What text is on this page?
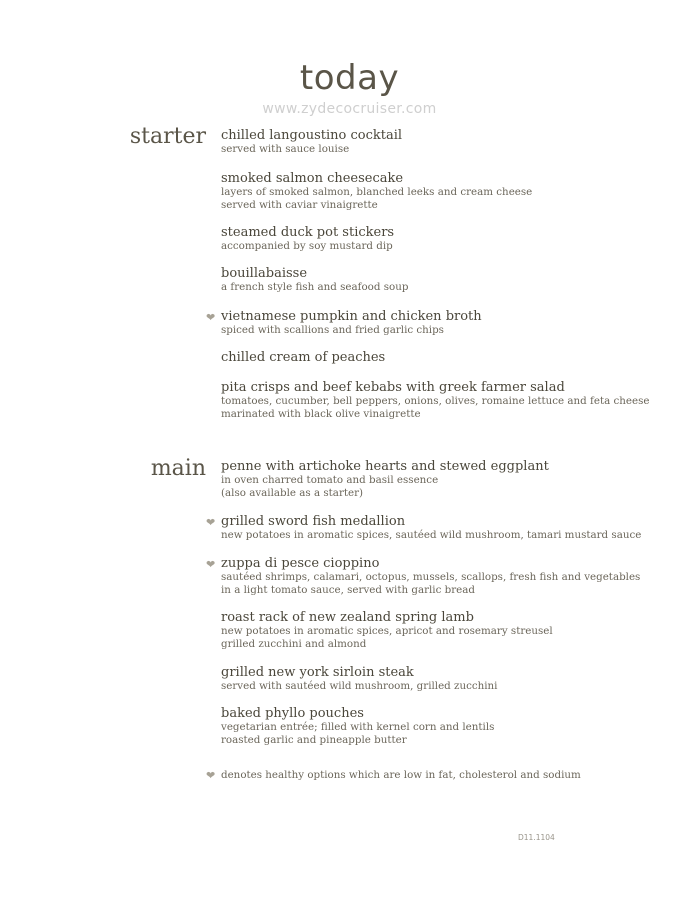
today
www.zydecocruiser.com
starter
main
chilled langoustino cocktail
served with sauce louise
smoked salmon cheesecake
layers of smoked salmon, blanched leeks and cream cheese
served with caviar vinaigrette
steamed duck pot stickers
accompanied by soy mustard dip
bouillabaisse
a french style fish and seafood soup
vietnamese pumpkin and chicken broth
spiced with scallions and fried garlic chips
❤
chilled cream of peaches
pita crisps and beef kebabs with greek farmer salad
tomatoes, cucumber, bell peppers, onions, olives, romaine lettuce and feta cheese
marinated with black olive vinaigrette
penne with artichoke hearts and stewed eggplant
in oven charred tomato and basil essence
(also available as a starter)
grilled sword fish medallion
new potatoes in aromatic spices, sautéed wild mushroom, tamari mustard sauce
❤
zuppa di pesce cioppino
sautéed shrimps, calamari, octopus, mussels, scallops, fresh fish and vegetables
in a light tomato sauce, served with garlic bread
❤
roast rack of new zealand spring lamb
new potatoes in aromatic spices, apricot and rosemary streusel
grilled zucchini and almond
grilled new york sirloin steak
served with sautéed wild mushroom, grilled zucchini
baked phyllo pouches
vegetarian entrée; filled with kernel corn and lentils
roasted garlic and pineapple butter
❤ denotes healthy options which are low in fat, cholesterol and sodium
D11.1104
